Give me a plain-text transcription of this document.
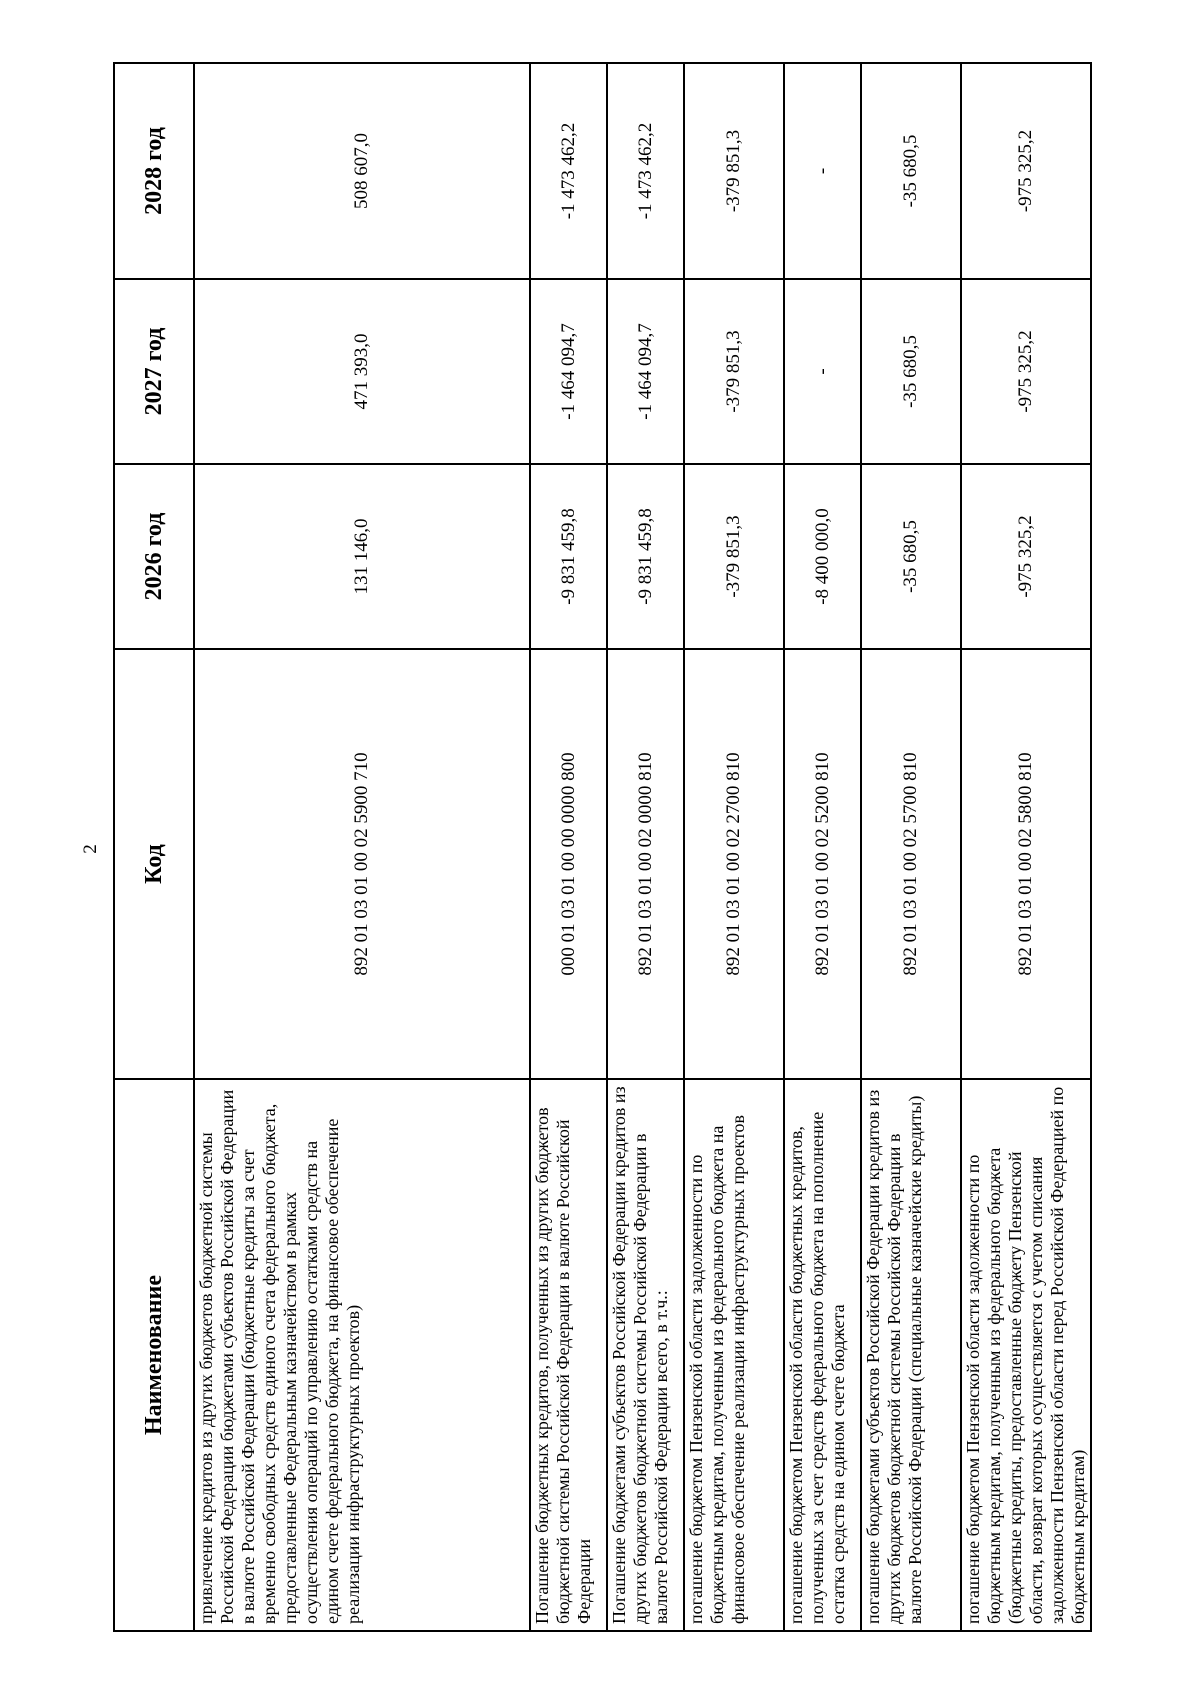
2
Наименование	Код	2026 год	2027 год	2028 год
привлечение кредитов из других бюджетов бюджетной системы Российской Федерации бюджетами субъектов Российской Федерации в валюте Российской Федерации (бюджетные кредиты за счет временно свободных средств единого счета федерального бюджета, предоставленные Федеральным казначейством в рамках осуществления операций по управлению остатками средств на едином счете федерального бюджета, на финансовое обеспечение реализации инфраструктурных проектов)	892 01 03 01 00 02 5900 710	131 146,0	471 393,0	508 607,0
Погашение бюджетных кредитов, полученных из других бюджетов бюджетной системы Российской Федерации в валюте Российской Федерации	000 01 03 01 00 00 0000 800	-9 831 459,8	-1 464 094,7	-1 473 462,2
Погашение бюджетами субъектов Российской Федерации кредитов из других бюджетов бюджетной системы Российской Федерации в валюте Российской Федерации всего, в т.ч.:	892 01 03 01 00 02 0000 810	-9 831 459,8	-1 464 094,7	-1 473 462,2
погашение бюджетом Пензенской области задолженности по бюджетным кредитам, полученным из федерального бюджета на финансовое обеспечение реализации инфраструктурных проектов	892 01 03 01 00 02 2700 810	-379 851,3	-379 851,3	-379 851,3
погашение бюджетом Пензенской области бюджетных кредитов, полученных за счет средств федерального бюджета на пополнение остатка средств на едином счете бюджета	892 01 03 01 00 02 5200 810	-8 400 000,0	-	-
погашение бюджетами субъектов Российской Федерации кредитов из других бюджетов бюджетной системы Российской Федерации в валюте Российской Федерации (специальные казначейские кредиты)	892 01 03 01 00 02 5700 810	-35 680,5	-35 680,5	-35 680,5
погашение бюджетом Пензенской области задолженности по бюджетным кредитам, полученным из федерального бюджета (бюджетные кредиты, предоставленные бюджету Пензенской области, возврат которых осуществляется с учетом списания задолженности Пензенской области перед Российской Федерацией по бюджетным кредитам)	892 01 03 01 00 02 5800 810	-975 325,2	-975 325,2	-975 325,2
